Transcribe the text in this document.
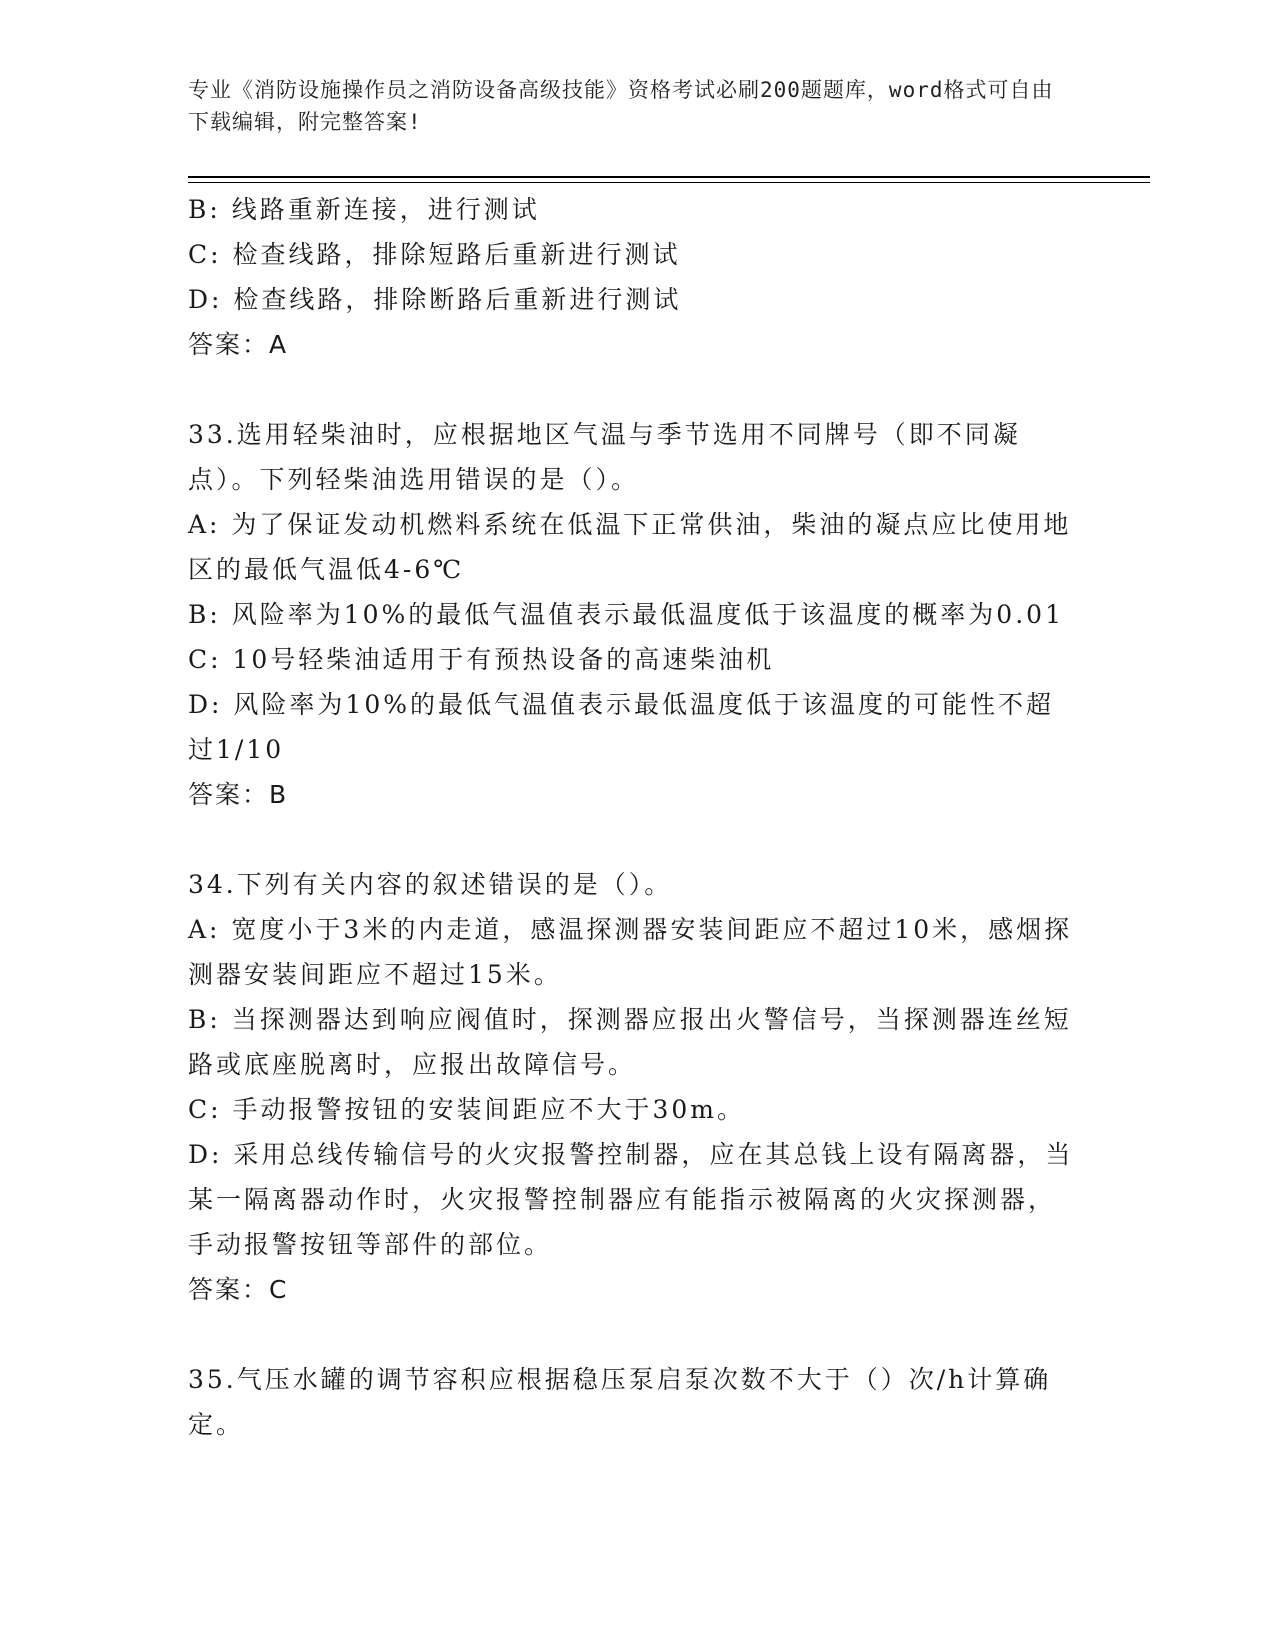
专业《消防设施操作员之消防设备高级技能》资格考试必刷200题题库，word格式可自由下载编辑，附完整答案!

B: 线路重新连接，进行测试

C: 检查线路，排除短路后重新进行测试

D: 检查线路，排除断路后重新进行测试

答案：A

33.选用轻柴油时，应根据地区气温与季节选用不同牌号（即不同凝点）。下列轻柴油选用错误的是（）。

A: 为了保证发动机燃料系统在低温下正常供油，柴油的凝点应比使用地区的最低气温低4-6℃

B: 风险率为10%的最低气温值表示最低温度低于该温度的概率为0.01

C: 10号轻柴油适用于有预热设备的高速柴油机

D: 风险率为10%的最低气温值表示最低温度低于该温度的可能性不超过1/10

答案：B

34.下列有关内容的叙述错误的是（）。

A: 宽度小于3米的内走道，感温探测器安装间距应不超过10米，感烟探测器安装间距应不超过15米。

B: 当探测器达到响应阀值时，探测器应报出火警信号，当探测器连丝短路或底座脱离时，应报出故障信号。

C: 手动报警按钮的安装间距应不大于30m。

D: 采用总线传输信号的火灾报警控制器，应在其总钱上设有隔离器，当某一隔离器动作时，火灾报警控制器应有能指示被隔离的火灾探测器，手动报警按钮等部件的部位。

答案：C

35.气压水罐的调节容积应根据稳压泵启泵次数不大于（）次/h计算确定。
